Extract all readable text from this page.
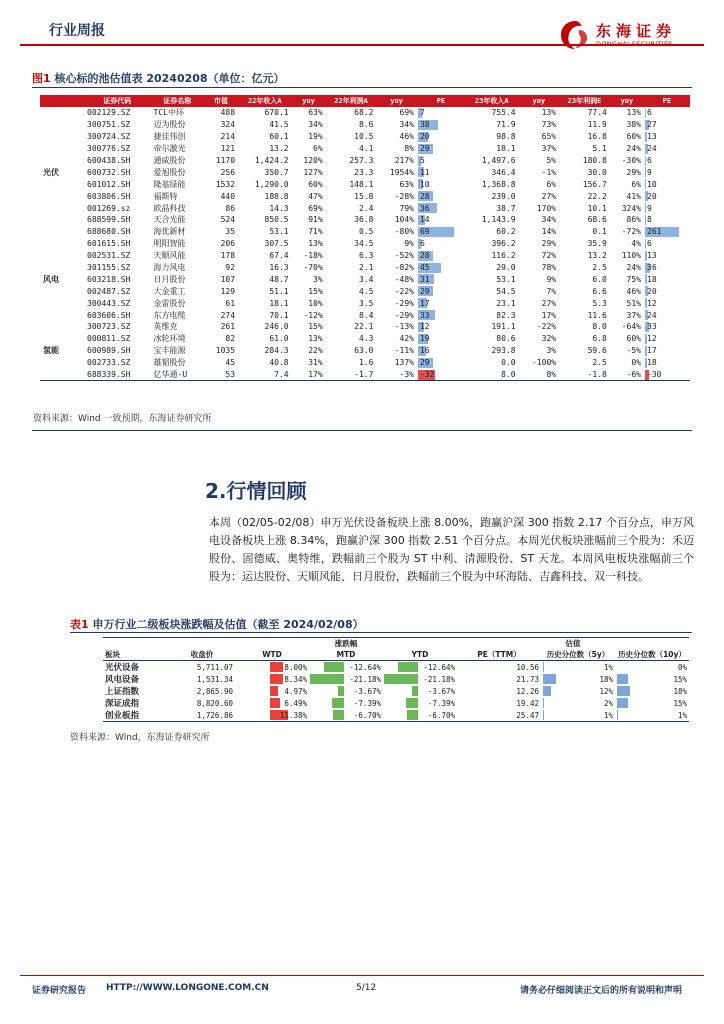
行业周报	东海证券
图1 核心标的池估值表 20240208（单位：亿元）
	证券代码	证券名称	市值	22年收入A	yoy	22年利润A	yoy	PE	23年收入A	yoy	23年利润E	yoy	PE
	002129.SZ	TCL中环	488	670.1	63%	68.2	69%	7	755.4	13%	77.4	13%	6
	300751.SZ	迈为股份	324	41.5	34%	8.6	34%	38	71.9	73%	11.9	38%	27
	300724.SZ	捷佳伟创	214	60.1	19%	10.5	46%	20	98.8	65%	16.8	60%	13
	300776.SZ	帝尔激光	121	13.2	6%	4.1	8%	29	18.1	37%	5.1	24%	24
	600438.SH	通威股份	1170	1,424.2	120%	257.3	217%	5	1,497.6	5%	180.8	-30%	6
光伏	600732.SH	爱旭股份	256	350.7	127%	23.3	1954%	11	346.4	-1%	30.0	29%	9
	601012.SH	隆基绿能	1532	1,290.0	60%	148.1	63%	10	1,368.8	6%	156.7	6%	10
	603806.SH	福斯特	440	188.8	47%	15.8	-28%	28	239.0	27%	22.2	41%	20
	001269.sz	欧晶科技	86	14.3	69%	2.4	79%	36	38.7	170%	10.1	324%	9
	688599.SH	天合光能	524	850.5	91%	36.8	104%	14	1,143.9	34%	68.6	86%	8
	688680.SH	海优新材	35	53.1	71%	0.5	-80%	69	60.2	14%	0.1	-72%	261
	601615.SH	明阳智能	206	307.5	13%	34.5	9%	6	396.2	29%	35.9	4%	6
	002531.SZ	天顺风能	178	67.4	-18%	6.3	-52%	28	116.2	72%	13.2	110%	13
	301155.SZ	海力风电	92	16.3	-70%	2.1	-82%	45	29.0	78%	2.5	24%	36
风电	603218.SH	日月股份	107	48.7	3%	3.4	-48%	31	53.1	9%	6.0	75%	18
	002487.SZ	大金重工	129	51.1	15%	4.5	-22%	29	54.5	7%	6.6	46%	20
	300443.SZ	金雷股份	61	18.1	10%	3.5	-29%	17	23.1	27%	5.3	51%	12
	603606.SH	东方电缆	274	70.1	-12%	8.4	-29%	33	82.3	17%	11.6	37%	24
	300723.SZ	英维克	261	246.0	15%	22.1	-13%	12	191.1	-22%	8.0	-64%	33
	000811.SZ	冰轮环境	82	61.0	13%	4.3	42%	19	80.6	32%	6.8	60%	12
氢能	600989.SH	宝丰能源	1035	284.3	22%	63.0	-11%	16	293.8	3%	59.6	-5%	17
	002733.SZ	雄韬股份	45	40.8	31%	1.6	137%	29	0.0	-100%	2.5	0%	18
	688339.SH	亿华通-U	53	7.4	17%	-1.7	-3%	-32	8.0	8%	-1.8	-6%	-30
资料来源：Wind 一致预期，东海证券研究所
2.行情回顾
本周（02/05-02/08）申万光伏设备板块上涨 8.00%，跑赢沪深 300 指数 2.17 个百分点，申万风电设备板块上涨 8.34%，跑赢沪深 300 指数 2.51 个百分点。本周光伏板块涨幅前三个股为：禾迈股份、固德威、奥特维，跌幅前三个股为 ST 中利、清源股份、ST 天龙。本周风电板块涨幅前三个股为：运达股份、天顺风能、日月股份，跌幅前三个股为中环海陆、吉鑫科技、双一科技。
表1 申万行业二级板块涨跌幅及估值（截至 2024/02/08）
		涨跌幅			估值		
板块	收盘价	WTD	MTD	YTD	PE（TTM）	历史分位数（5y）	历史分位数（10y）
光伏设备	5,711.07	8.00%	-12.64%	-12.64%	10.56	1%	0%
风电设备	1,531.34	8.34%	-21.18%	-21.18%	21.73	18%	15%
上证指数	2,865.90	4.97%	-3.67%	-3.67%	12.26	12%	18%
深证成指	8,820.60	6.49%	-7.39%	-7.39%	19.42	2%	15%
创业板指	1,726.86	11.38%	-6.70%	-6.70%	25.47	1%	1%
资料来源：Wind，东海证券研究所
证券研究报告 HTTP://WWW.LONGONE.COM.CN	5/12	请务必仔细阅读正文后的所有说明和声明
